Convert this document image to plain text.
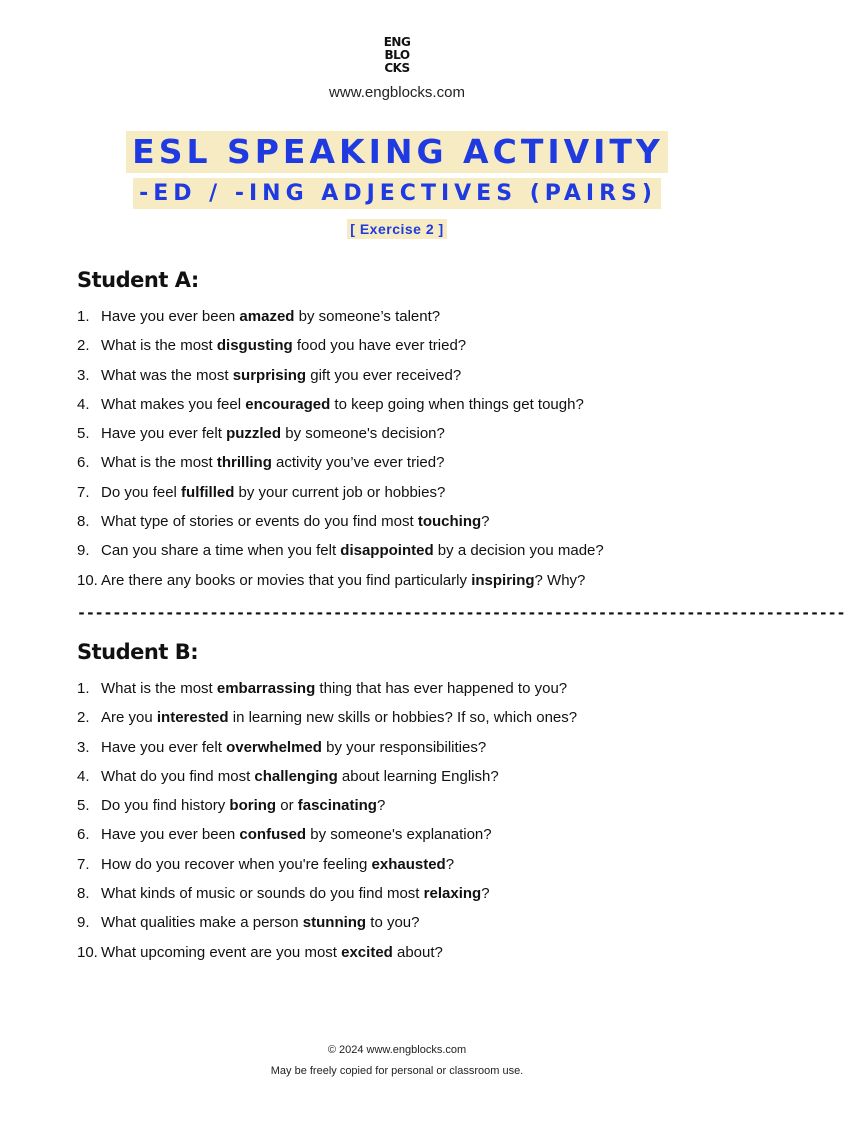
ENG
BLO
CKS
www.engblocks.com
ESL SPEAKING ACTIVITY
-ED / -ING ADJECTIVES (PAIRS)
[ Exercise 2 ]
Student A:
1. Have you ever been amazed by someone’s talent?
2. What is the most disgusting food you have ever tried?
3. What was the most surprising gift you ever received?
4. What makes you feel encouraged to keep going when things get tough?
5. Have you ever felt puzzled by someone's decision?
6. What is the most thrilling activity you’ve ever tried?
7. Do you feel fulfilled by your current job or hobbies?
8. What type of stories or events do you find most touching?
9. Can you share a time when you felt disappointed by a decision you made?
10. Are there any books or movies that you find particularly inspiring? Why?
---------------------------------------------------------------------------------------
Student B:
1. What is the most embarrassing thing that has ever happened to you?
2. Are you interested in learning new skills or hobbies? If so, which ones?
3. Have you ever felt overwhelmed by your responsibilities?
4. What do you find most challenging about learning English?
5. Do you find history boring or fascinating?
6. Have you ever been confused by someone's explanation?
7. How do you recover when you're feeling exhausted?
8. What kinds of music or sounds do you find most relaxing?
9. What qualities make a person stunning to you?
10. What upcoming event are you most excited about?
© 2024 www.engblocks.com
May be freely copied for personal or classroom use.
